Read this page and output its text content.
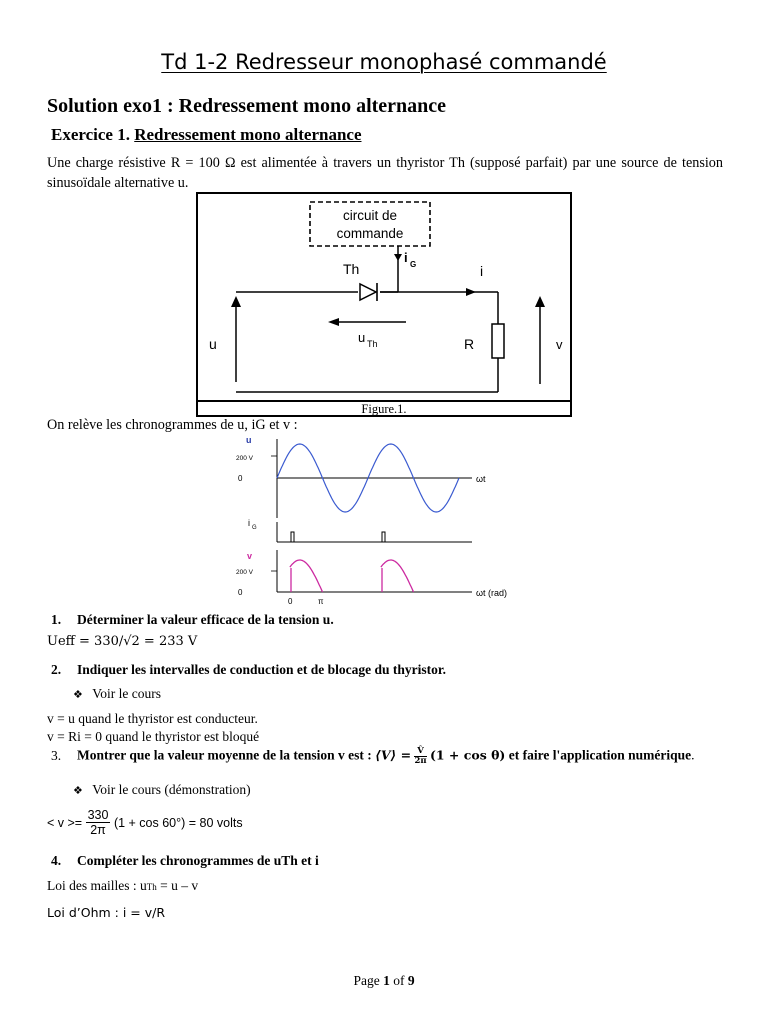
Td 1-2 Redresseur monophasé commandé
Solution exo1 : Redressement mono alternance
Exercice 1. Redressement mono alternance
Une charge résistive R = 100 Ω est alimentée à travers un thyristor Th (supposé parfait) par une source de tension sinusoïdale alternative u.
circuit de
commande
i G
Th	i
u Th
u	R	v
Figure.1.
On relève les chronogrammes de u, iG et v :
u
200 V
0	ωt
i G
v
200 V
0	ωt (rad)
0	π
1. Déterminer la valeur efficace de la tension u.
Ueff = 330/√2 = 233 V
2. Indiquer les intervalles de conduction et de blocage du thyristor.
❖ Voir le cours
v = u quand le thyristor est conducteur.
v = Ri = 0 quand le thyristor est bloqué
3. Montrer que la valeur moyenne de la tension v est : ⟨V⟩ = $\frac{V̂}{2\pi} (1 + \cos \theta)$ et faire l'application numérique.
❖ Voir le cours (démonstration)
< $v >= \frac{330}{2\pi} (1 + \cos 60^\circ) = 80$ volts
4. Compléter les chronogrammes de uTh et i
Loi des mailles : uTh = u – v
Loi d’Ohm : i = v/R
Page 1 of 9
